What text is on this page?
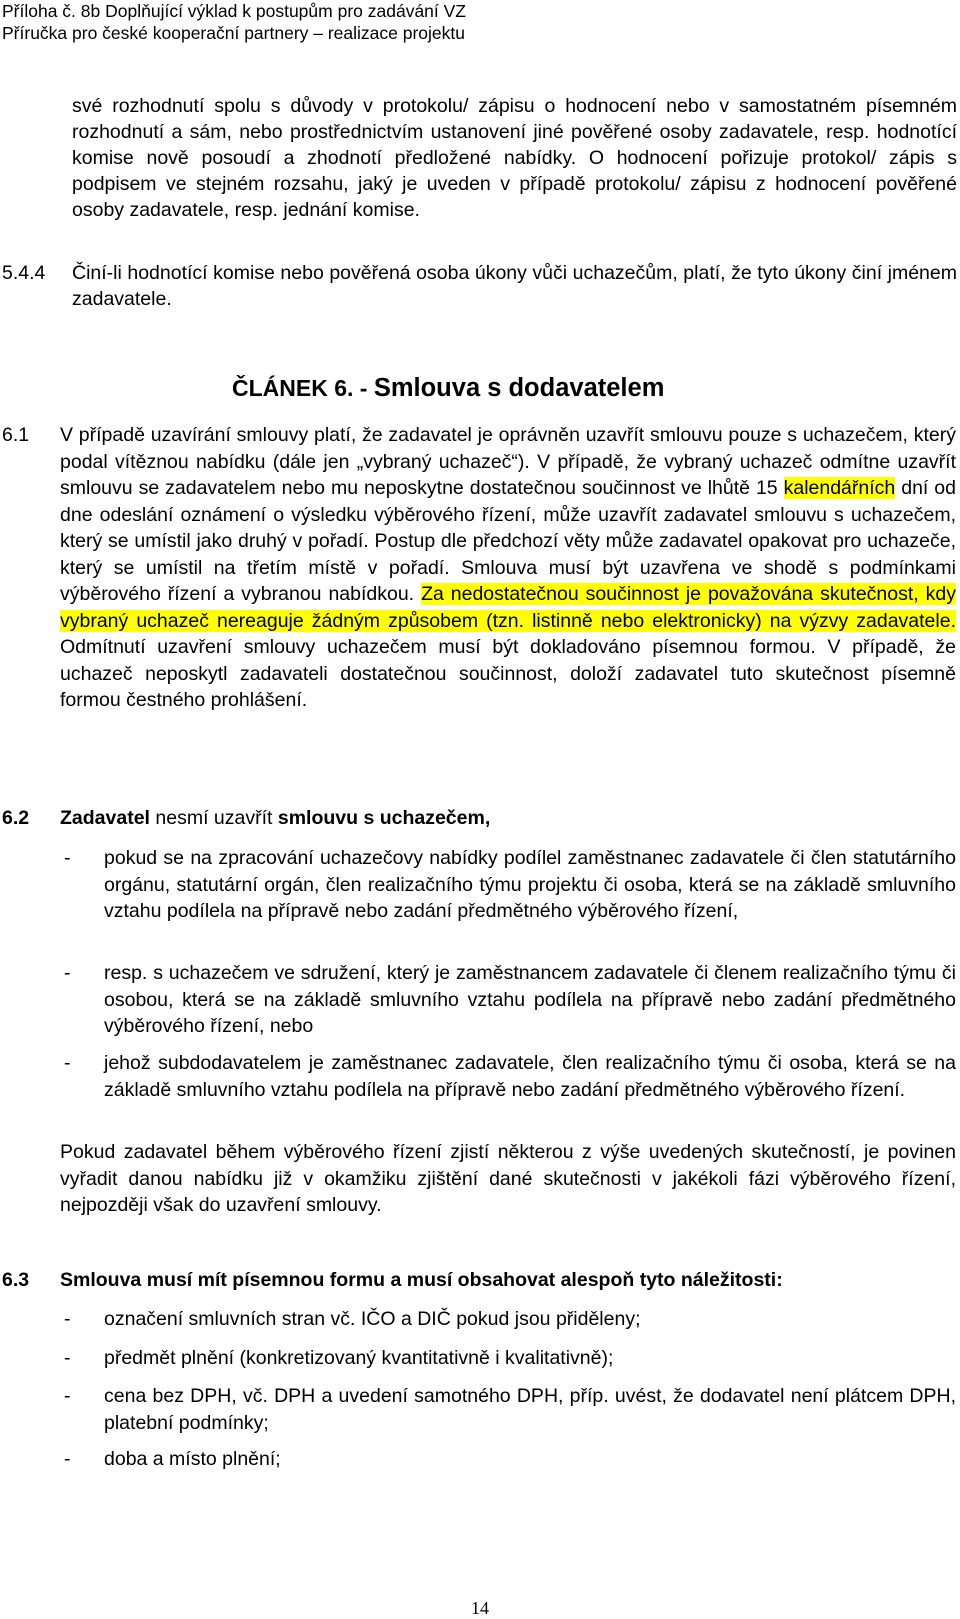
Příloha č. 8b Doplňující výklad k postupům pro zadávání VZ
Příručka pro české kooperační partnery – realizace projektu

své rozhodnutí spolu s důvody v protokolu/ zápisu o hodnocení nebo v samostatném písemném rozhodnutí a sám, nebo prostřednictvím ustanovení jiné pověřené osoby zadavatele, resp. hodnotící komise nově posoudí a zhodnotí předložené nabídky. O hodnocení pořizuje protokol/ zápis s podpisem ve stejném rozsahu, jaký je uveden v případě protokolu/ zápisu z hodnocení pověřené osoby zadavatele, resp. jednání komise.

5.4.4 Činí-li hodnotící komise nebo pověřená osoba úkony vůči uchazečům, platí, že tyto úkony činí jménem zadavatele.

ČLÁNEK 6. - Smlouva s dodavatelem
6.1 V případě uzavírání smlouvy platí, že zadavatel je oprávněn uzavřít smlouvu pouze s uchazečem, který podal vítěznou nabídku (dále jen „vybraný uchazeč“). V případě, že vybraný uchazeč odmítne uzavřít smlouvu se zadavatelem nebo mu neposkytne dostatečnou součinnost ve lhůtě 15 kalendářních dní od dne odeslání oznámení o výsledku výběrového řízení, může uzavřít zadavatel smlouvu s uchazečem, který se umístil jako druhý v pořadí. Postup dle předchozí věty může zadavatel opakovat pro uchazeče, který se umístil na třetím místě v pořadí. Smlouva musí být uzavřena ve shodě s podmínkami výběrového řízení a vybranou nabídkou. Za nedostatečnou součinnost je považována skutečnost, kdy vybraný uchazeč nereaguje žádným způsobem (tzn. listinně nebo elektronicky) na výzvy zadavatele. Odmítnutí uzavření smlouvy uchazečem musí být dokladováno písemnou formou. V případě, že uchazeč neposkytl zadavateli dostatečnou součinnost, doloží zadavatel tuto skutečnost písemně formou čestného prohlášení.

6.2 Zadavatel nesmí uzavřít smlouvu s uchazečem,

- pokud se na zpracování uchazečovy nabídky podílel zaměstnanec zadavatele či člen statutárního orgánu, statutární orgán, člen realizačního týmu projektu či osoba, která se na základě smluvního vztahu podílela na přípravě nebo zadání předmětného výběrového řízení,

- resp. s uchazečem ve sdružení, který je zaměstnancem zadavatele či členem realizačního týmu či osobou, která se na základě smluvního vztahu podílela na přípravě nebo zadání předmětného výběrového řízení, nebo

- jehož subdodavatelem je zaměstnanec zadavatele, člen realizačního týmu či osoba, která se na základě smluvního vztahu podílela na přípravě nebo zadání předmětného výběrového řízení.

Pokud zadavatel během výběrového řízení zjistí některou z výše uvedených skutečností, je povinen vyřadit danou nabídku již v okamžiku zjištění dané skutečnosti v jakékoli fázi výběrového řízení, nejpozději však do uzavření smlouvy.

6.3 Smlouva musí mít písemnou formu a musí obsahovat alespoň tyto náležitosti:

- označení smluvních stran vč. IČO a DIČ pokud jsou přiděleny;

- předmět plnění (konkretizovaný kvantitativně i kvalitativně);

- cena bez DPH, vč. DPH a uvedení samotného DPH, příp. uvést, že dodavatel není plátcem DPH, platební podmínky;

- doba a místo plnění;

14
